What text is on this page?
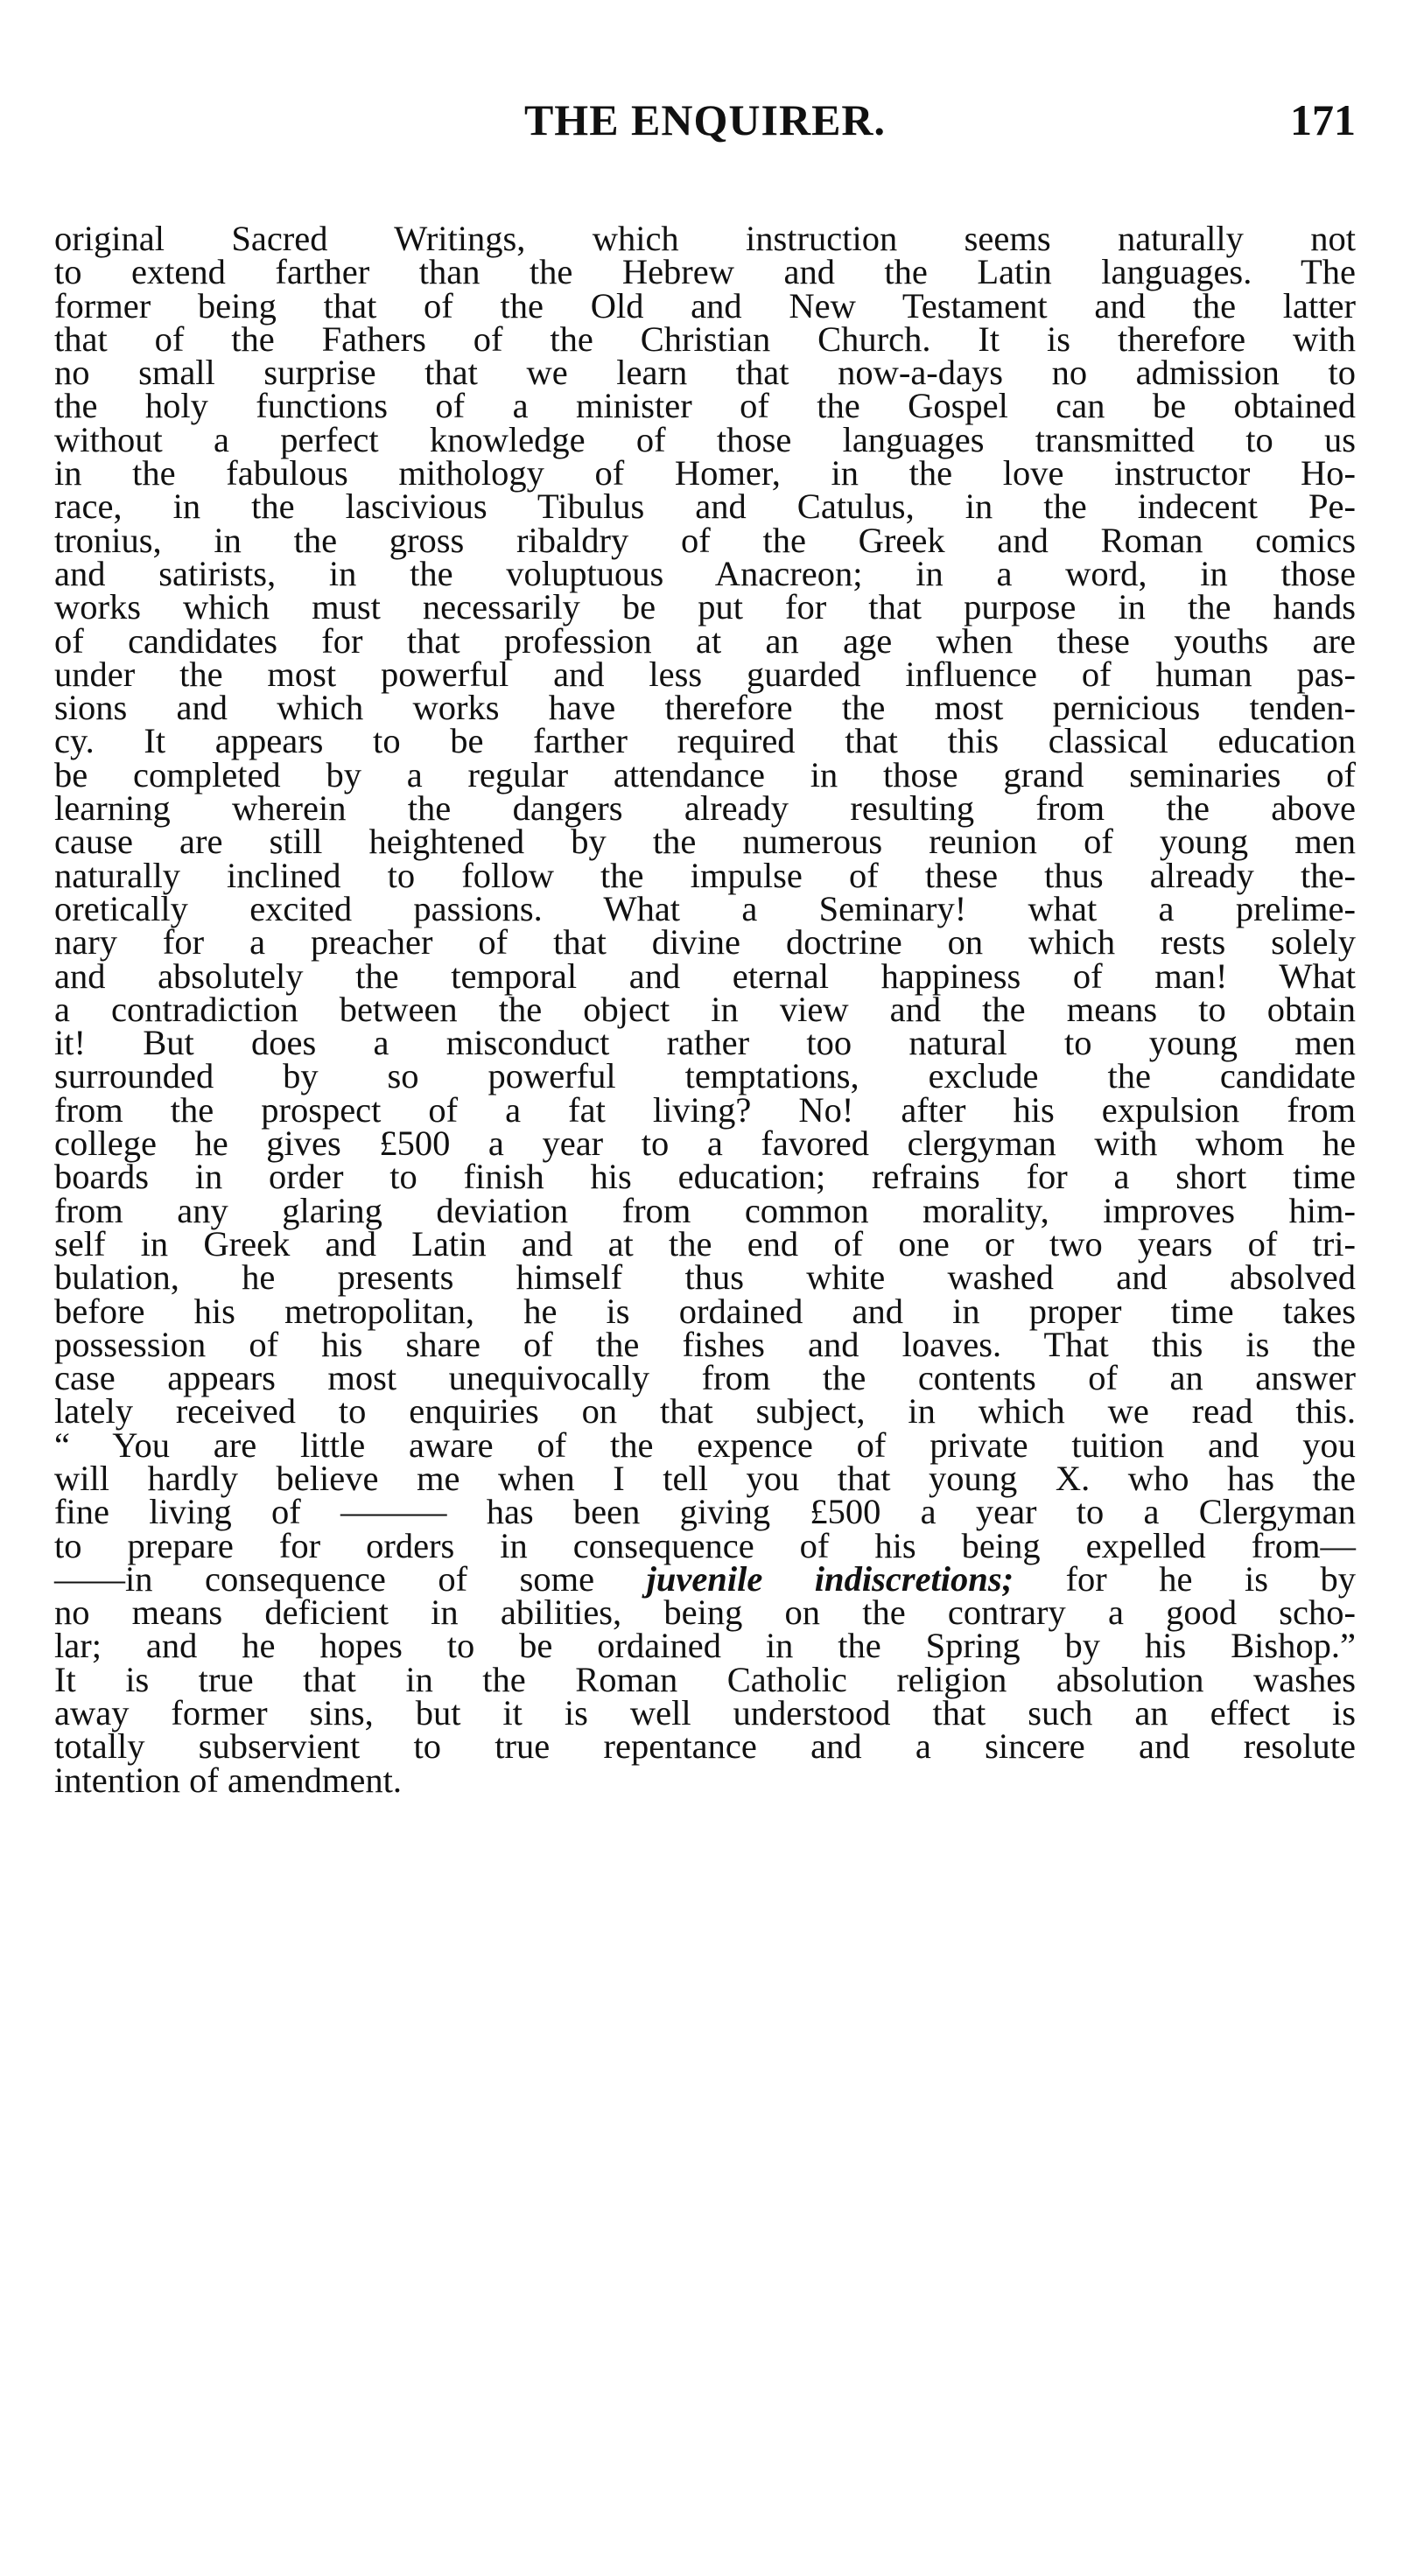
THE ENQUIRER.	171
original Sacred Writings, which instruction seems naturally not
to extend farther than the Hebrew and the Latin languages. The
former being that of the Old and New Testament and the latter
that of the Fathers of the Christian Church. It is therefore with
no small surprise that we learn that now-a-days no admission to
the holy functions of a minister of the Gospel can be obtained
without a perfect knowledge of those languages transmitted to us
in the fabulous mithology of Homer, in the love instructor Ho-
race, in the lascivious Tibulus and Catulus, in the indecent Pe-
tronius, in the gross ribaldry of the Greek and Roman comics
and satirists, in the voluptuous Anacreon; in a word, in those
works which must necessarily be put for that purpose in the hands
of candidates for that profession at an age when these youths are
under the most powerful and less guarded influence of human pas-
sions and which works have therefore the most pernicious tenden-
cy. It appears to be farther required that this classical education
be completed by a regular attendance in those grand seminaries of
learning wherein the dangers already resulting from the above
cause are still heightened by the numerous reunion of young men
naturally inclined to follow the impulse of these thus already the-
oretically excited passions. What a Seminary! what a prelime-
nary for a preacher of that divine doctrine on which rests solely
and absolutely the temporal and eternal happiness of man! What
a contradiction between the object in view and the means to obtain
it! But does a misconduct rather too natural to young men
surrounded by so powerful temptations, exclude the candidate
from the prospect of a fat living? No! after his expulsion from
college he gives £500 a year to a favored clergyman with whom he
boards in order to finish his education; refrains for a short time
from any glaring deviation from common morality, improves him-
self in Greek and Latin and at the end of one or two years of tri-
bulation, he presents himself thus white washed and absolved
before his metropolitan, he is ordained and in proper time takes
possession of his share of the fishes and loaves. That this is the
case appears most unequivocally from the contents of an answer
lately received to enquiries on that subject, in which we read this.
“ You are little aware of the expence of private tuition and you
will hardly believe me when I tell you that young X. who has the
fine living of ——— has been giving £500 a year to a Clergyman
to prepare for orders in consequence of his being expelled from—
——in consequence of some juvenile indiscretions; for he is by
no means deficient in abilities, being on the contrary a good scho-
lar; and he hopes to be ordained in the Spring by his Bishop.”
It is true that in the Roman Catholic religion absolution washes
away former sins, but it is well understood that such an effect is
totally subservient to true repentance and a sincere and resolute
intention of amendment.
